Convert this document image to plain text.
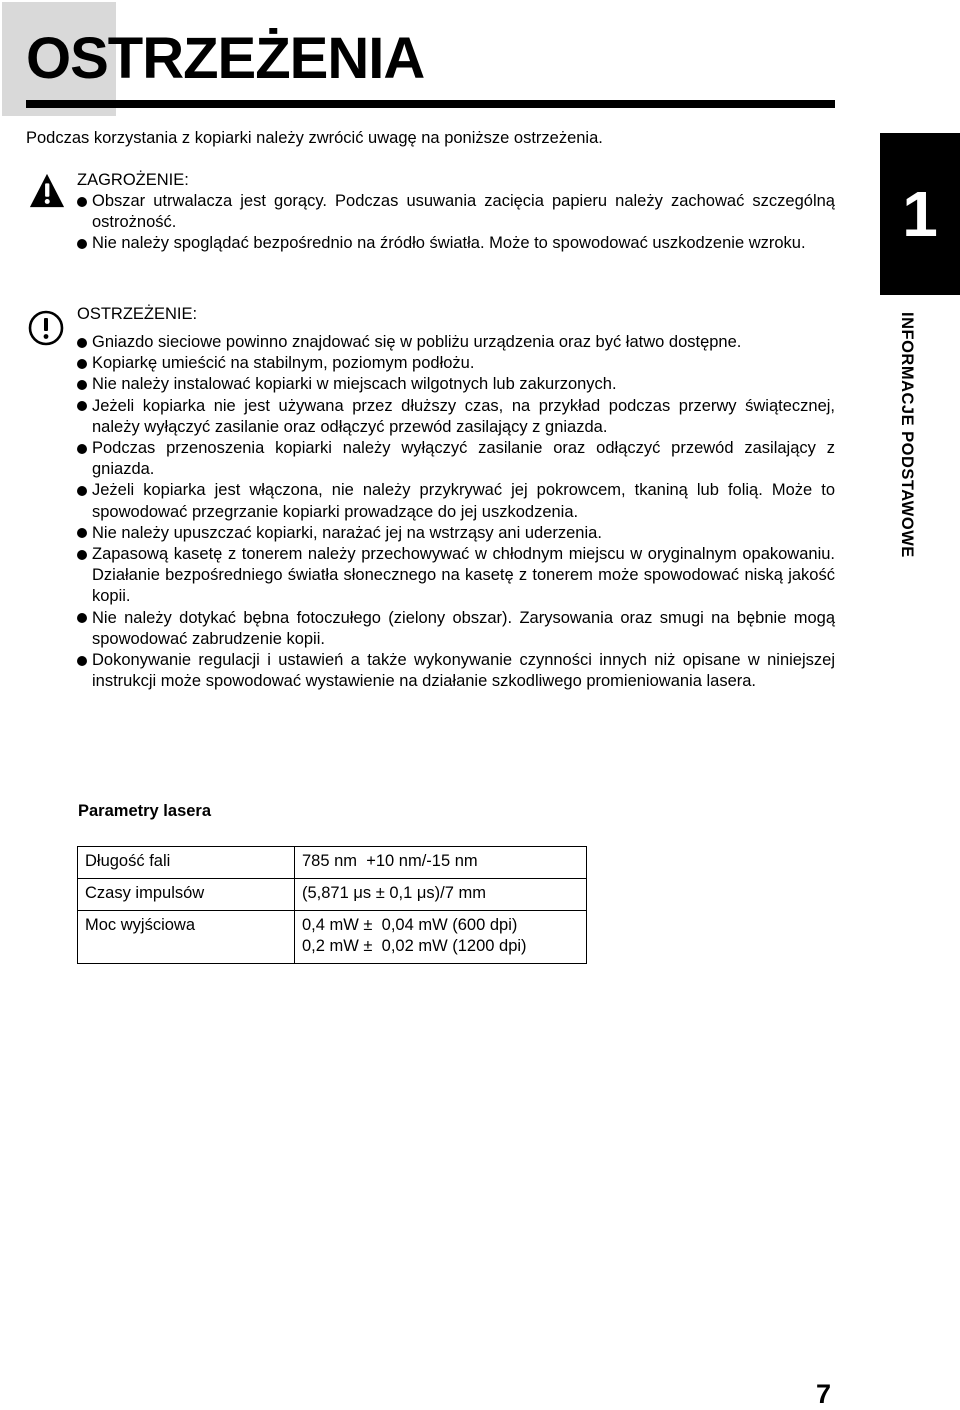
OSTRZEŻENIA

Podczas korzystania z kopiarki należy zwrócić uwagę na poniższe ostrzeżenia.

ZAGROŻENIE:
Obszar utrwalacza jest gorący. Podczas usuwania zacięcia papieru należy zachować szczególną ostrożność.
Nie należy spoglądać bezpośrednio na źródło światła. Może to spowodować uszkodzenie wzroku.
OSTRZEŻENIE:
Gniazdo sieciowe powinno znajdować się w pobliżu urządzenia oraz być łatwo dostępne.
Kopiarkę umieścić na stabilnym, poziomym podłożu.
Nie należy instalować kopiarki w miejscach wilgotnych lub zakurzonych.
Jeżeli kopiarka nie jest używana przez dłuższy czas, na przykład podczas przerwy świątecznej, należy wyłączyć zasilanie oraz odłączyć przewód zasilający z gniazda.
Podczas przenoszenia kopiarki należy wyłączyć zasilanie oraz odłączyć przewód zasilający z gniazda.
Jeżeli kopiarka jest włączona, nie należy przykrywać jej pokrowcem, tkaniną lub folią. Może to spowodować przegrzanie kopiarki prowadzące do jej uszkodzenia.
Nie należy upuszczać kopiarki, narażać jej na wstrząsy ani uderzenia.
Zapasową kasetę z tonerem należy przechowywać w chłodnym miejscu w oryginalnym opakowaniu. Działanie bezpośredniego światła słonecznego na kasetę z tonerem może spowodować niską jakość kopii.
Nie należy dotykać bębna fotoczułego (zielony obszar). Zarysowania oraz smugi na bębnie mogą spowodować zabrudzenie kopii.
Dokonywanie regulacji i ustawień a także wykonywanie czynności innych niż opisane w niniejszej instrukcji może spowodować wystawienie na działanie szkodliwego promieniowania lasera.
1
INFORMACJE PODSTAWOWE
Parametry lasera
Długość fali	785 nm  +10 nm/-15 nm

Czasy impulsów	(5,871 μs ± 0,1 μs)/7 mm

Moc wyjściowa	0,4 mW ±  0,04 mW (600 dpi)
0,2 mW ±  0,02 mW (1200 dpi)
7
